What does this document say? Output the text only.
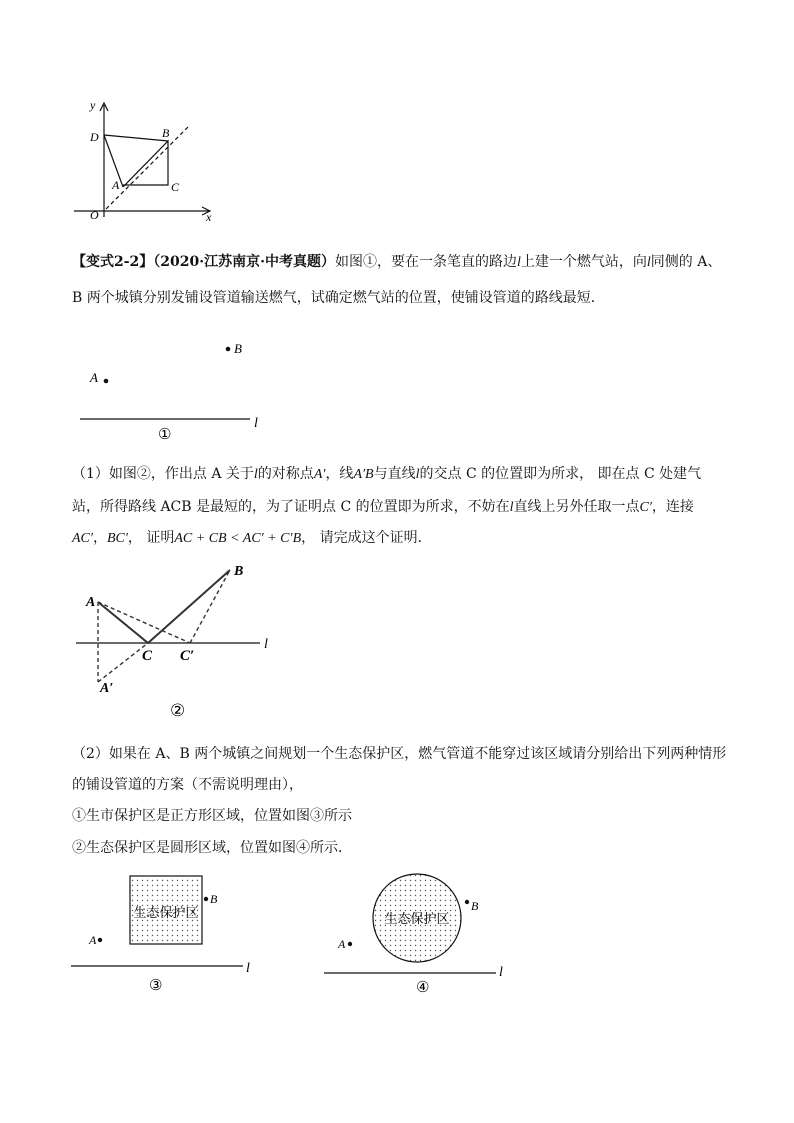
y
D	B
A	C
O	x
【变式2-2】（2020·江苏南京·中考真题）如图①，要在一条笔直的路边l上建一个燃气站，向l同侧的 A、
B 两个城镇分别发铺设管道输送燃气，试确定燃气站的位置，使铺设管道的路线最短．
B
A
l
①
（1）如图②，作出点 A 关于l的对称点A′，线A′B与直线l的交点 C 的位置即为所求， 即在点 C 处建气
站，所得路线 ACB 是最短的，为了证明点 C 的位置即为所求，不妨在l直线上另外任取一点C′，连接
AC′，BC′， 证明AC + CB < AC′ + C′B， 请完成这个证明．
l
A
B
C C′
A′
②
（2）如果在 A、B 两个城镇之间规划一个生态保护区，燃气管道不能穿过该区域请分别给出下列两种情形
的铺设管道的方案（不需说明理由），
①生市保护区是正方形区域，位置如图③所示
②生态保护区是圆形区域，位置如图④所示．
生态保护区
B
A
l
③
生态保护区
B
A
l
④
